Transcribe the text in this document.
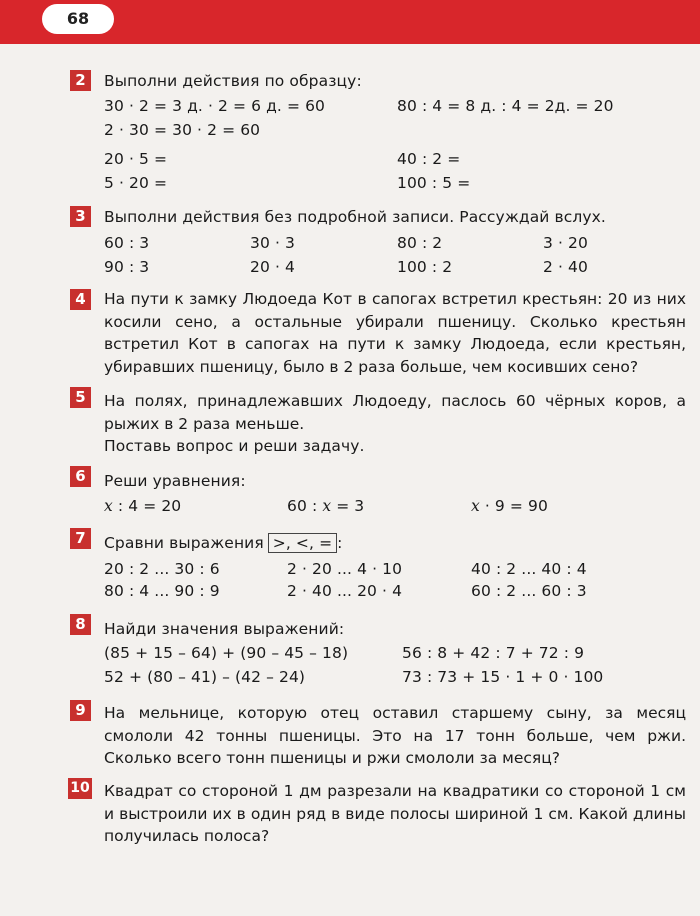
68
2	Выполни действия по образцу:
30 · 2 = 3 д. · 2 = 6 д. = 60	80 : 4 = 8 д. : 4 = 2д. = 20
2 · 30 = 30 · 2 = 60
20 · 5 =	40 : 2 =
5 · 20 =	100 : 5 =
3	Выполни действия без подробной записи. Рассуждай вслух.
60 : 3	30 · 3	80 : 2	3 · 20
90 : 3	20 · 4	100 : 2	2 · 40
4	На пути к замку Людоеда Кот в сапогах встретил крестьян: 20 из них косили сено, а остальные убирали пшеницу. Сколько крестьян встретил Кот в сапогах на пути к замку Людоеда, если крестьян, убиравших пшеницу, было в 2 раза больше, чем косивших сено?
5	На полях, принадлежавших Людоеду, паслось 60 чёрных коров, а рыжих в 2 раза меньше.
Поставь вопрос и реши задачу.
6	Реши уравнения:
x : 4 = 20	60 : x = 3	x · 9 = 90
7	Сравни выражения >, <, = :
20 : 2 ... 30 : 6	2 · 20 ... 4 · 10	40 : 2 ... 40 : 4
80 : 4 ... 90 : 9	2 · 40 ... 20 · 4	60 : 2 ... 60 : 3
8	Найди значения выражений:
(85 + 15 – 64) + (90 – 45 – 18)	56 : 8 + 42 : 7 + 72 : 9
52 + (80 – 41) – (42 – 24)	73 : 73 + 15 · 1 + 0 · 100
9	На мельнице, которую отец оставил старшему сыну, за месяц смололи 42 тонны пшеницы. Это на 17 тонн больше, чем ржи. Сколько всего тонн пшеницы и ржи смололи за месяц?
10 Квадрат со стороной 1 дм разрезали на квадратики со стороной 1 см и выстроили их в один ряд в виде полосы шириной 1 см. Какой длины получилась полоса?
